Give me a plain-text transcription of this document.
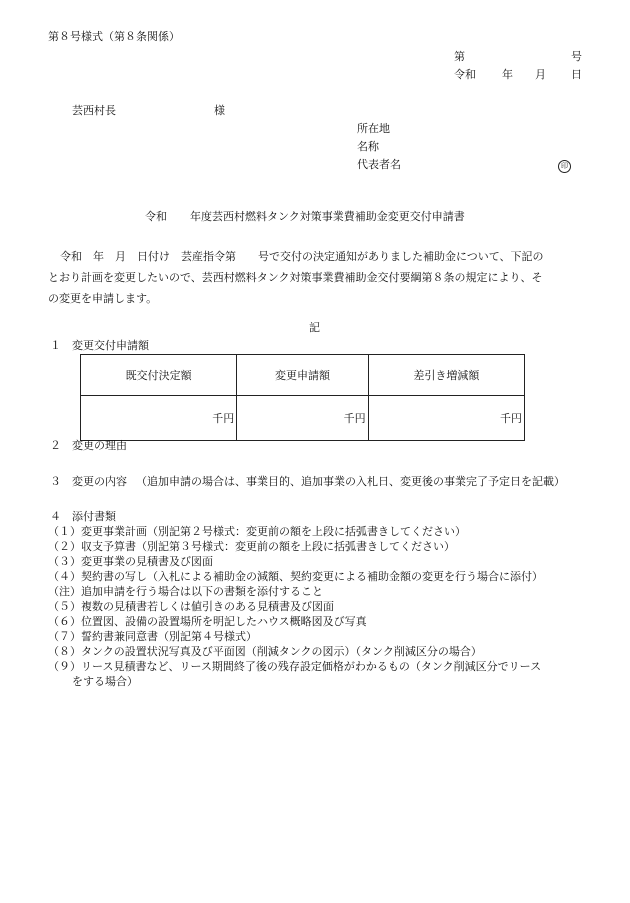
第８号様式（第８条関係）
第	号
令和 年 月 日
芸西村長	様
所在地
名称
代表者名	印
令和 年度芸西村燃料タンク対策事業費補助金変更交付申請書
令和　年　月　日付け　芸産指令第　　号で交付の決定通知がありました補助金について、下記の
とおり計画を変更したいので、芸西村燃料タンク対策事業費補助金交付要綱第８条の規定により、そ
の変更を申請します。
記
１ 変更交付申請額
既交付決定額	変更申請額	差引き増減額
千円	千円	千円
２ 変更の理由
３ 変更の内容 （追加申請の場合は、事業目的、追加事業の入札日、変更後の事業完了予定日を記載）
４ 添付書類
（１）変更事業計画（別記第２号様式：変更前の額を上段に括弧書きしてください）
（２）収支予算書（別記第３号様式：変更前の額を上段に括弧書きしてください）
（３）変更事業の見積書及び図面
（４）契約書の写し（入札による補助金の減額、契約変更による補助金額の変更を行う場合に添付）
（注）追加申請を行う場合は以下の書類を添付すること
（５）複数の見積書若しくは値引きのある見積書及び図面
（６）位置図、設備の設置場所を明記したハウス概略図及び写真
（７）誓約書兼同意書（別記第４号様式）
（８）タンクの設置状況写真及び平面図（削減タンクの図示）（タンク削減区分の場合）
（９）リース見積書など、リース期間終了後の残存設定価格がわかるもの（タンク削減区分でリース
をする場合）
